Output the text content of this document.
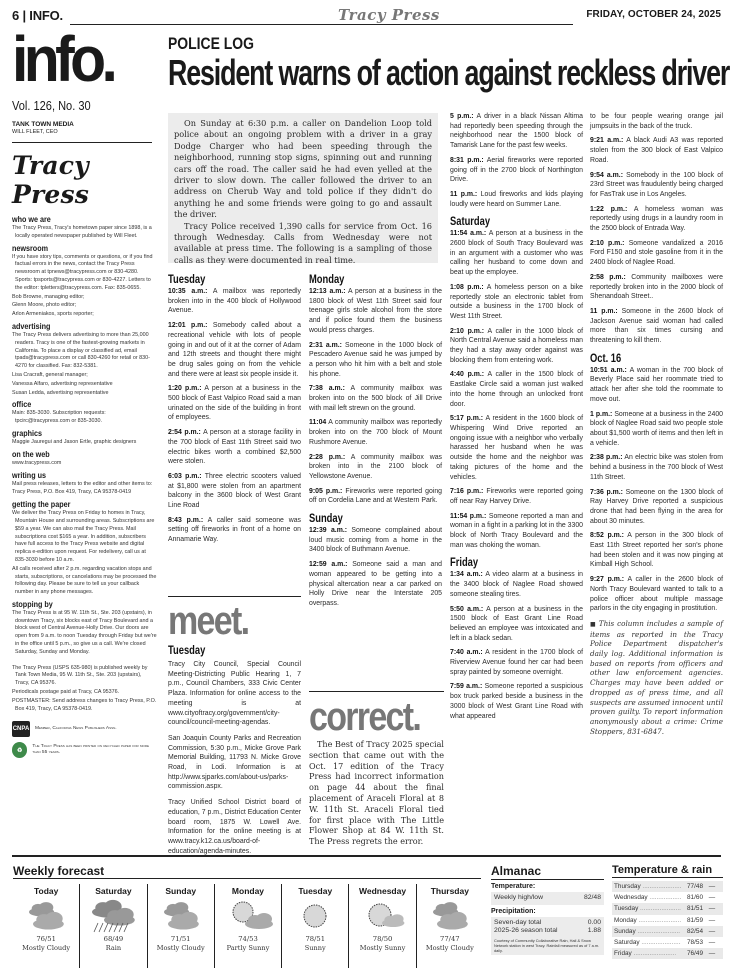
6 | INFO.	Tracy Press	FRIDAY, OCTOBER 24, 2025
info.
Vol. 126, No. 30
TANK TOWN MEDIA
WILL FLEET, CEO
Tracy Press
who we are

The Tracy Press, Tracy's hometown paper since 1898, is a locally operated newspaper published by Will Fleet.

newsroom

If you have story tips, comments or questions, or if you find factual errors in the news, contact the Tracy Press newsroom at tpnews@tracypress.com or 830-4280. Sports: tpsports@tracypress.com or 830-4227. Letters to the editor: tpletters@tracypress.com. Fax: 835-0655.

Bob Browne, managing editor;

Glenn Moore, photo editor;

Arlon Armeniakos, sports reporter;

advertising

The Tracy Press delivers advertising to more than 25,000 readers. Tracy is one of the fastest-growing markets in California. To place a display or classified ad, email tpads@tracypress.com or call 830-4260 for retail or 830-4270 for classified. Fax: 832-5381.

Lisa Cracraft, general manager;

Vanessa Alfaro, advertising representative

Susan Ledda, advertising representative

office

Main: 835-3030. Subscription requests: tpcirc@tracypress.com or 835-3030.

graphics

Maggie Jauregui and Jason Ertle, graphic designers

on the web

www.tracypress.com

writing us

Mail press releases, letters to the editor and other items to:

Tracy Press, P.O. Box 419, Tracy, CA 95378-0419

getting the paper

We deliver the Tracy Press on Friday to homes in Tracy, Mountain House and surrounding areas. Subscriptions are $59 a year. We can also mail the Tracy Press. Mail subscriptions cost $165 a year. In addition, subscribers have full access to the Tracy Press website and digital replica e-edition upon request. For redelivery, call us at 835-3030 before 10 a.m.

All calls received after 2 p.m. regarding vacation stops and starts, subscriptions, or cancelations may be processed the following day. Please be sure to tell us your callback number in any phone messages.

stopping by

The Tracy Press is at 95 W. 11th St., Ste. 203 (upstairs), in downtown Tracy, six blocks east of Tracy Boulevard and a block west of Central Avenue-Holly Drive. Our doors are open from 9 a.m. to noon Tuesday through Friday but we're in the office until 5 p.m., so give us a call. We're closed Saturday, Sunday and Monday.

The Tracy Press (USPS 635-980) is published weekly by Tank Town Media, 95 W. 11th St., Ste. 203 (upstairs), Tracy, CA 95376.

Periodicals postage paid at Tracy, CA 95376.

POSTMASTER: Send address changes to Tracy Press, P.O. Box 419, Tracy, CA 95378-0419.

CNPA Member, California News Publishers Assn.
♻
The Tracy Press has been printed on recycled paper for more than 55 years.
POLICE LOG
Resident warns of action against reckless driver

On Sunday at 6:30 p.m. a caller on Dandelion Loop told police about an ongoing problem with a driver in a gray Dodge Charger who had been speeding through the neighborhood, running stop signs, spinning out and running cars off the road. The caller said he had even yelled at the driver to slow down. The caller followed the driver to an address on Cherub Way and told police if they didn't do anything he and some friends were going to go and assault the driver.

Tracy Police received 1,390 calls for service from Oct. 16 through Wednesday. Calls from Wednesday were not available at press time. The following is a sampling of those calls as they were documented in real time.

Tuesday
10:35 a.m.: A mailbox was reportedly broken into in the 400 block of Hollywood Avenue.
12:01 p.m.: Somebody called about a recreational vehicle with lots of people going in and out of it at the corner of Adam and 12th streets and thought there might be drug sales going on from the vehicle and there were at least six people inside it.
1:20 p.m.: A person at a business in the 500 block of East Valpico Road said a man urinated on the side of the building in front of employees.
2:54 p.m.: A person at a storage facility in the 700 block of East 11th Street said two electric bikes worth a combined $2,500 were stolen.
6:03 p.m.: Three electric scooters valued at $1,800 were stolen from an apartment balcony in the 3600 block of West Grant Line Road
8:43 p.m.: A caller said someone was setting off fireworks in front of a home on Annamarie Way.
Monday
12:13 a.m.: A person at a business in the 1800 block of West 11th Street said four teenage girls stole alcohol from the store and if police found them the business would press charges.
2:31 a.m.: Someone in the 1000 block of Pescadero Avenue said he was jumped by a person who hit him with a belt and stole his phone.
7:38 a.m.: A community mailbox was broken into on the 500 block of Jill Drive with mail left strewn on the ground.
11:04 A community mailbox was reportedly broken into on the 700 block of Mount Rushmore Avenue.
2:28 p.m.: A community mailbox was broken into in the 2100 block of Yellowstone Avenue.
9:05 p.m.: Fireworks were reported going off on Cordelia Lane and at Western Park.
Sunday
12:39 a.m.: Someone complained about loud music coming from a home in the 3400 block of Buthmann Avenue.
12:59 a.m.: Someone said a man and woman appeared to be getting into a physical altercation near a car parked on Holly Drive near the Interstate 205 overpass.
5 p.m.: A driver in a black Nissan Altima had reportedly been speeding through the neighborhood near the 1500 block of Tamarisk Lane for the past few weeks.
8:31 p.m.: Aerial fireworks were reported going off in the 2700 block of Northington Drive.
11 p.m.: Loud fireworks and kids playing loudly were heard on Summer Lane.
Saturday
11:54 a.m.: A person at a business in the 2600 block of South Tracy Boulevard was in an argument with a customer who was calling her husband to come down and beat up the employee.
1:08 p.m.: A homeless person on a bike reportedly stole an electronic tablet from outside a business in the 1700 block of West 11th Street.
2:10 p.m.: A caller in the 1000 block of North Central Avenue said a homeless man they had a stay away order against was blocking them from entering work.
4:40 p.m.: A caller in the 1500 block of Eastlake Circle said a woman just walked into the home through an unlocked front door.
5:17 p.m.: A resident in the 1600 block of Whispering Wind Drive reported an ongoing issue with a neighbor who verbally harassed her husband when he was outside the home and the neighbor was taking pictures of the home and the vehicles.
7:16 p.m.: Fireworks were reported going off near Ray Harvey Drive.
11:54 p.m.: Someone reported a man and woman in a fight in a parking lot in the 3300 block of North Tracy Boulevard and the man was choking the woman.
Friday
1:34 a.m.: A video alarm at a business in the 3400 block of Naglee Road showed someone stealing tires.
5:50 a.m.: A person at a business in the 1500 block of East Grant Line Road believed an employee was intoxicated and left in a black sedan.
7:40 a.m.: A resident in the 1700 block of Riverview Avenue found her car had been spray painted by someone overnight.
7:59 a.m.: Someone reported a suspicious box truck parked beside a business in the 3000 block of West Grant Line Road with what appeared
to be four people wearing orange jail jumpsuits in the back of the truck.
9:21 a.m.: A black Audi A3 was reported stolen from the 300 block of East Valpico Road.
9:54 a.m.: Somebody in the 100 block of 23rd Street was fraudulently being charged for FasTrak use in Los Angeles.
1:22 p.m.: A homeless woman was reportedly using drugs in a laundry room in the 2500 block of Entrada Way.
2:10 p.m.: Someone vandalized a 2016 Ford F150 and stole gasoline from it in the 2400 block of Naglee Road.
2:58 p.m.: Community mailboxes were reportedly broken into in the 2000 block of Shenandoah Street..
11 p.m.: Someone in the 2600 block of Jackson Avenue said woman had called more than six times cursing and threatening to kill them.
Oct. 16
10:51 a.m.: A woman in the 700 block of Beverly Place said her roommate tried to attack her after she told the roommate to move out.
1 p.m.: Someone at a business in the 2400 block of Naglee Road said two people stole about $1,500 worth of items and then left in a vehicle.
2:38 p.m.: An electric bike was stolen from behind a business in the 700 block of West 11th Street.
7:36 p.m.: Someone on the 1300 block of Ray Harvey Drive reported a suspicious drone that had been flying in the area for about 30 minutes.
8:52 p.m.: A person in the 300 block of East 11th Street reported her son's phone had been stolen and it was now pinging at Kimball High School.
9:27 p.m.: A caller in the 2600 block of North Tracy Boulevard wanted to talk to a police officer about multiple massage parlors in the city engaging in prostitution.
■ This column includes a sample of items as reported in the Tracy Police Department dispatcher's daily log. Additional information is based on reports from officers and other law enforcement agencies. Charges may have been added or dropped as of press time, and all suspects are assumed innocent until proven guilty. To report information anonymously about a crime: Crime Stoppers, 831-6847.
meet.
Tuesday
Tracy City Council, Special Council Meeting-Districting Public Hearing 1, 7 p.m., Council Chambers, 333 Civic Center Plaza. Information for online access to the meeting is at www.cityoftracy.org/government/city-council/council-meeting-agendas.
San Joaquin County Parks and Recreation Commission, 5:30 p.m., Micke Grove Park Memorial Building, 11793 N. Micke Grove Road, in Lodi. Information is at http://www.sjparks.com/about-us/parks-commission.aspx.
Tracy Unified School District board of education, 7 p.m., District Education Center board room, 1875 W. Lowell Ave. Information for the online meeting is at www.tracy.k12.ca.us/board-of-education/agenda-minutes.
correct.

The Best of Tracy 2025 special section that came out with the Oct. 17 edition of the Tracy Press had incorrect information on page 44 about the final placement of Araceli Floral at 8 W. 11th St. Araceli Floral tied for first place with The Little Flower Shop at 84 W. 11th St. The Press regrets the error.

Weekly forecast
Today
76/51
Mostly Cloudy
Saturday
68/49
Rain
Sunday
71/51
Mostly Cloudy
Monday
74/53
Partly Sunny
Tuesday
78/51
Sunny
Wednesday
78/50
Mostly Sunny
Thursday
77/47
Mostly Cloudy
Almanac
Temperature:
Weekly high/low	82/48
Precipitation:
Seven-day total	0.00
2025-26 season total	1.88
Courtesy of Community Collaborative Rain, Hail & Snow Network station in west Tracy. Rainfall measured as of 7 a.m. daily.
Temperature & rain
Thursday .....	77/48 —
Wednesday .....	81/60 —
Tuesday .....	81/51 —
Monday .....	81/59 —
Sunday .....	82/54 —
Saturday .....	78/53 —
Friday .....	76/49 —
